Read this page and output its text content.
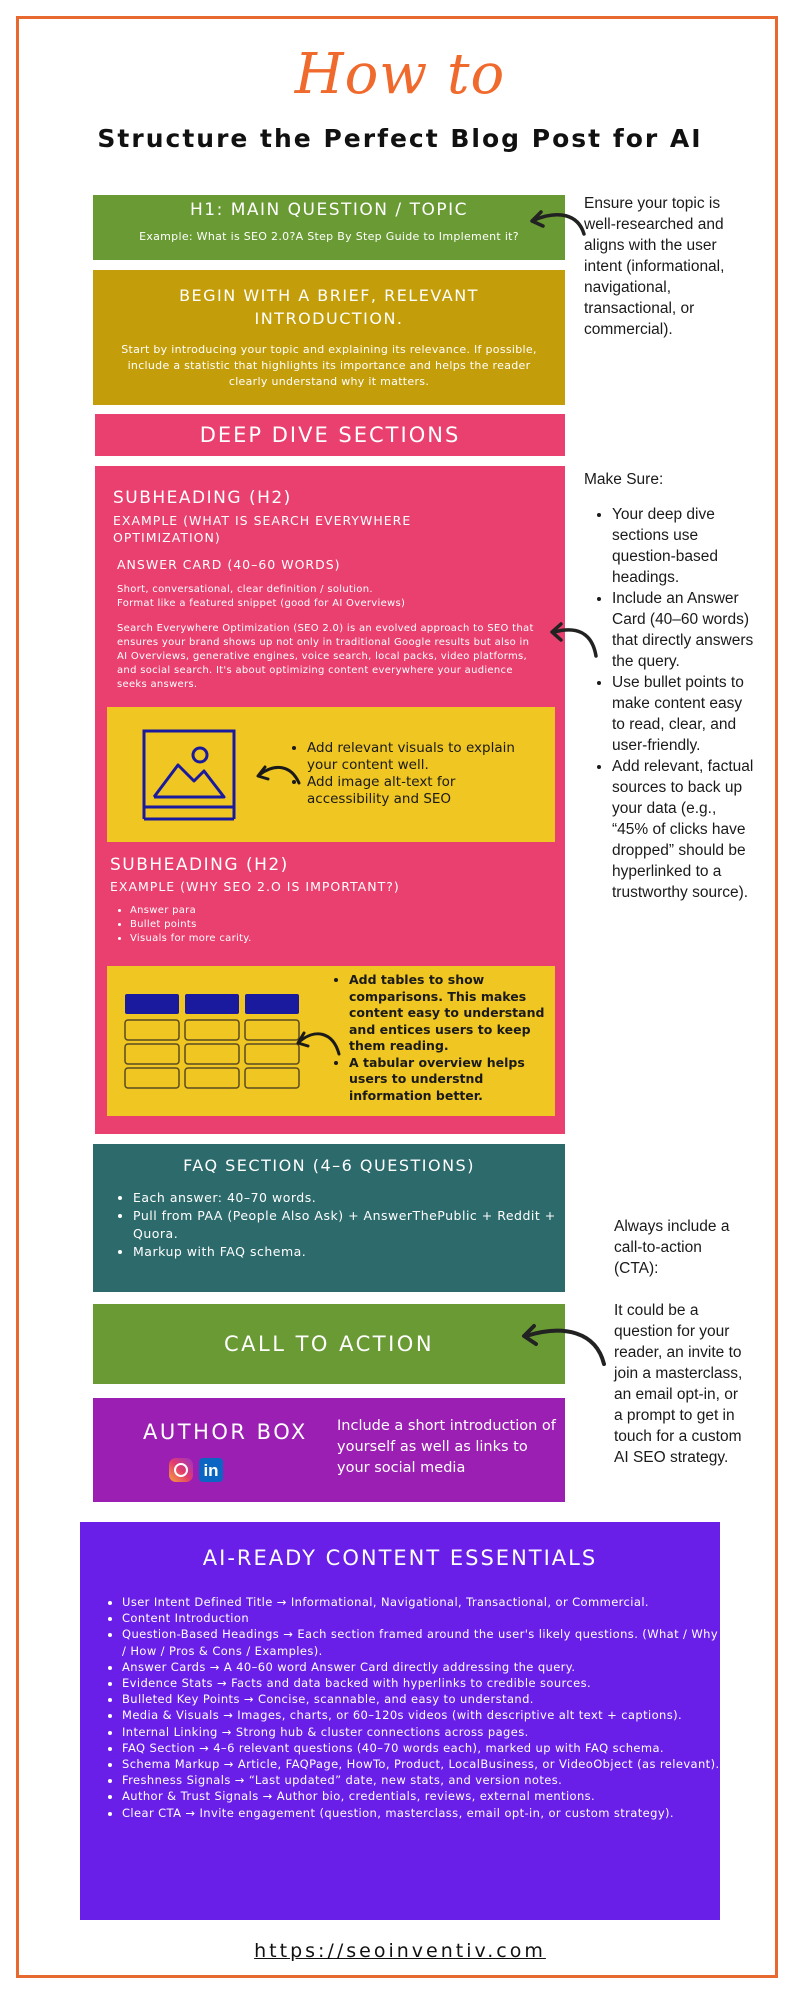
How to
Structure the Perfect Blog Post for AI
H1: MAIN QUESTION / TOPIC
Example: What is SEO 2.0?A Step By Step Guide to Implement it?
Ensure your topic is well-researched and aligns with the user intent (informational, navigational, transactional, or commercial).
BEGIN WITH A BRIEF, RELEVANT INTRODUCTION.
Start by introducing your topic and explaining its relevance. If possible, include a statistic that highlights its importance and helps the reader clearly understand why it matters.
DEEP DIVE SECTIONS
SUBHEADING (H2)
EXAMPLE (WHAT IS SEARCH EVERYWHERE OPTIMIZATION)
ANSWER CARD (40–60 WORDS)
Short, conversational, clear definition / solution.
Format like a featured snippet (good for AI Overviews)
Search Everywhere Optimization (SEO 2.0) is an evolved approach to SEO that ensures your brand shows up not only in traditional Google results but also in AI Overviews, generative engines, voice search, local packs, video platforms, and social search. It's about optimizing content everywhere your audience seeks answers.
• Add relevant visuals to explain your content well.
• Add image alt-text for accessibility and SEO
SUBHEADING (H2)
EXAMPLE (WHY SEO 2.O IS IMPORTANT?)
• Answer para
• Bullet points
• Visuals for more carity.
• Add tables to show comparisons. This makes content easy to understand and entices users to keep them reading.
• A tabular overview helps users to understnd information better.
Make Sure:
• Your deep dive sections use question-based headings.
• Include an Answer Card (40–60 words) that directly answers the query.
• Use bullet points to make content easy to read, clear, and user-friendly.
• Add relevant, factual sources to back up your data (e.g., “45% of clicks have dropped” should be hyperlinked to a trustworthy source).
FAQ SECTION (4–6 QUESTIONS)
• Each answer: 40–70 words.
• Pull from PAA (People Also Ask) + AnswerThePublic + Reddit + Quora.
• Markup with FAQ schema.
CALL TO ACTION
Always include a call-to-action (CTA):
It could be a question for your reader, an invite to join a masterclass, an email opt-in, or a prompt to get in touch for a custom AI SEO strategy.
AUTHOR BOX
in
Include a short introduction of yourself as well as links to your social media
AI-READY CONTENT ESSENTIALS
• User Intent Defined Title → Informational, Navigational, Transactional, or Commercial.
• Content Introduction
• Question-Based Headings → Each section framed around the user's likely questions. (What / Why / How / Pros & Cons / Examples).
• Answer Cards → A 40–60 word Answer Card directly addressing the query.
• Evidence Stats → Facts and data backed with hyperlinks to credible sources.
• Bulleted Key Points → Concise, scannable, and easy to understand.
• Media & Visuals → Images, charts, or 60–120s videos (with descriptive alt text + captions).
• Internal Linking → Strong hub & cluster connections across pages.
• FAQ Section → 4–6 relevant questions (40–70 words each), marked up with FAQ schema.
• Schema Markup → Article, FAQPage, HowTo, Product, LocalBusiness, or VideoObject (as relevant).
• Freshness Signals → “Last updated” date, new stats, and version notes.
• Author & Trust Signals → Author bio, credentials, reviews, external mentions.
• Clear CTA → Invite engagement (question, masterclass, email opt-in, or custom strategy).
https://seoinventiv.com
